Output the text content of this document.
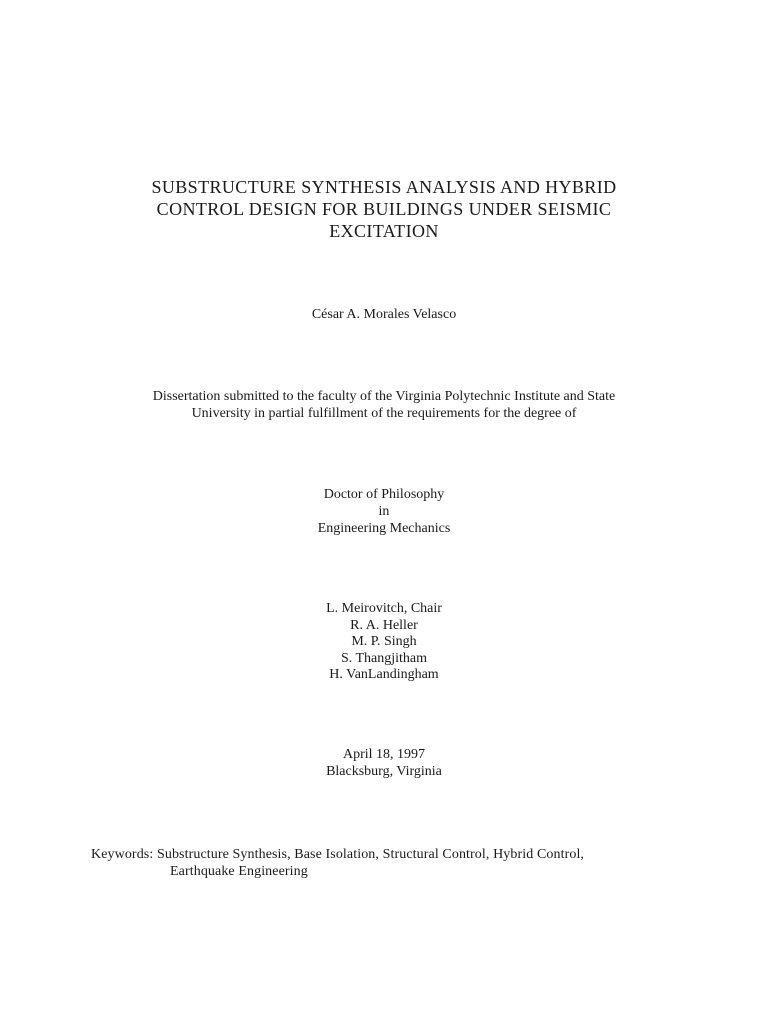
SUBSTRUCTURE SYNTHESIS ANALYSIS AND HYBRID
CONTROL DESIGN FOR BUILDINGS UNDER SEISMIC
EXCITATION
César A. Morales Velasco
Dissertation submitted to the faculty of the Virginia Polytechnic Institute and State
University in partial fulfillment of the requirements for the degree of
Doctor of Philosophy
in
Engineering Mechanics
L. Meirovitch, Chair
R. A. Heller
M. P. Singh
S. Thangjitham
H. VanLandingham
April 18, 1997
Blacksburg, Virginia
Keywords: Substructure Synthesis, Base Isolation, Structural Control, Hybrid Control,
Earthquake Engineering
